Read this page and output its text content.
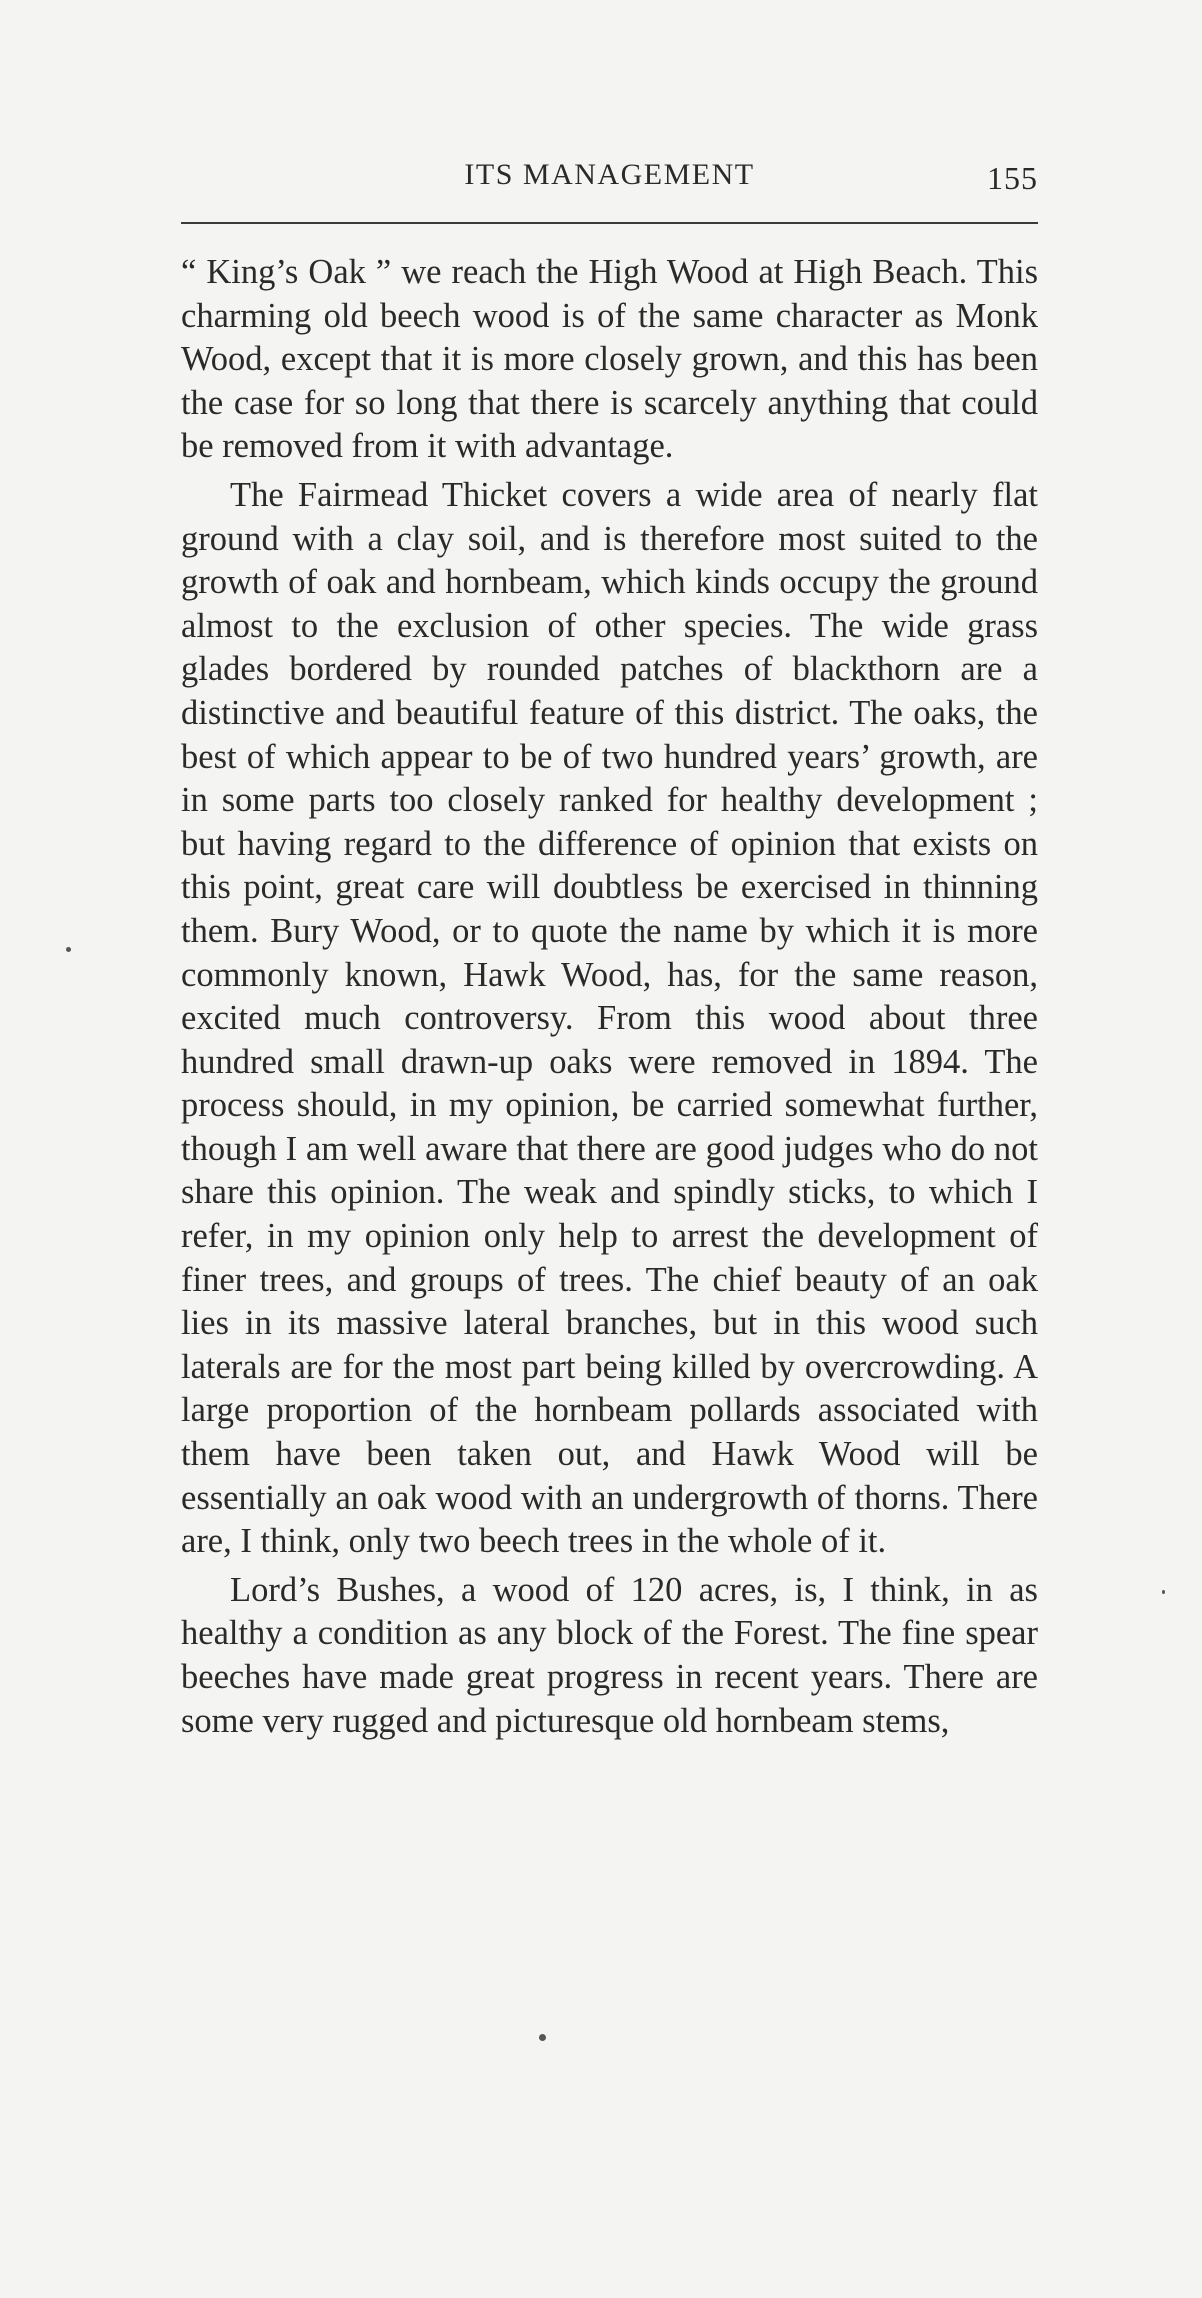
ITS MANAGEMENT	155

“ King’s Oak ” we reach the High Wood at High Beach. This charming old beech wood is of the same character as Monk Wood, except that it is more closely grown, and this has been the case for so long that there is scarcely anything that could be removed from it with advantage.

The Fairmead Thicket covers a wide area of nearly flat ground with a clay soil, and is therefore most suited to the growth of oak and hornbeam, which kinds occupy the ground almost to the exclusion of other species. The wide grass glades bordered by rounded patches of blackthorn are a distinctive and beautiful feature of this district. The oaks, the best of which appear to be of two hundred years’ growth, are in some parts too closely ranked for healthy development ; but having regard to the difference of opinion that exists on this point, great care will doubtless be exercised in thinning them. Bury Wood, or to quote the name by which it is more commonly known, Hawk Wood, has, for the same reason, excited much controversy. From this wood about three hundred small drawn-up oaks were removed in 1894. The process should, in my opinion, be carried somewhat further, though I am well aware that there are good judges who do not share this opinion. The weak and spindly sticks, to which I refer, in my opinion only help to arrest the development of finer trees, and groups of trees. The chief beauty of an oak lies in its massive lateral branches, but in this wood such laterals are for the most part being killed by overcrowding. A large proportion of the hornbeam pollards associated with them have been taken out, and Hawk Wood will be essentially an oak wood with an undergrowth of thorns. There are, I think, only two beech trees in the whole of it.

Lord’s Bushes, a wood of 120 acres, is, I think, in as healthy a condition as any block of the Forest. The fine spear beeches have made great progress in recent years. There are some very rugged and picturesque old hornbeam stems,
